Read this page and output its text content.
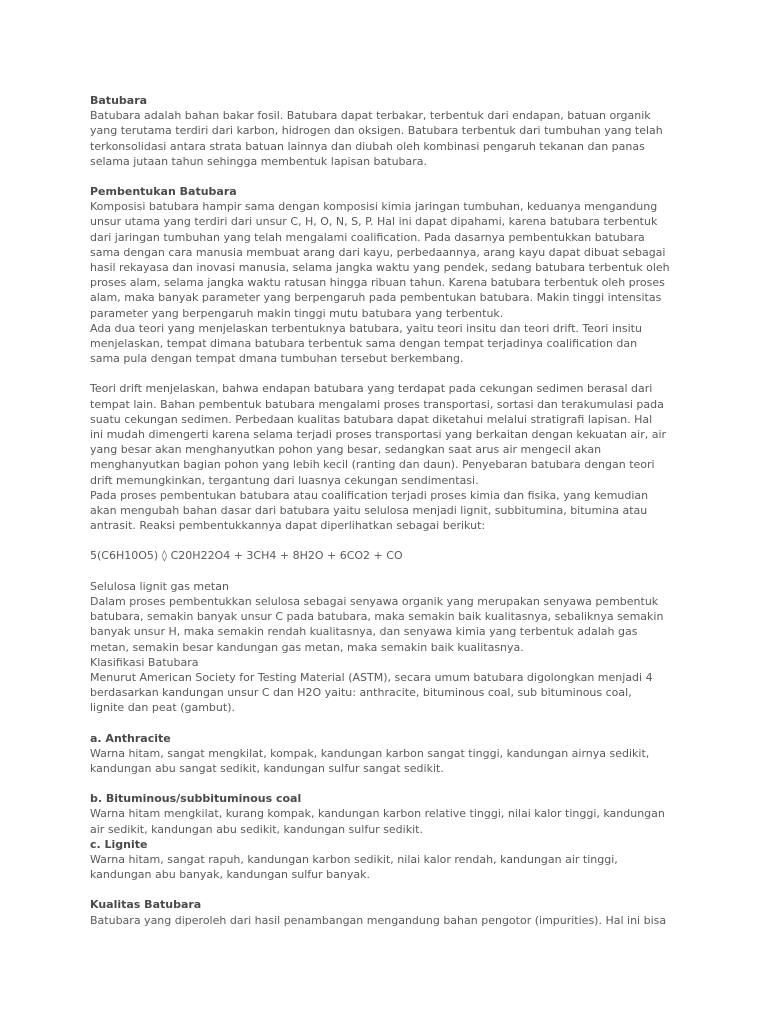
Batubara

Batubara adalah bahan bakar fosil. Batubara dapat terbakar, terbentuk dari endapan, batuan organik
yang terutama terdiri dari karbon, hidrogen dan oksigen. Batubara terbentuk dari tumbuhan yang telah
terkonsolidasi antara strata batuan lainnya dan diubah oleh kombinasi pengaruh tekanan dan panas
selama jutaan tahun sehingga membentuk lapisan batubara.

Pembentukan Batubara

Komposisi batubara hampir sama dengan komposisi kimia jaringan tumbuhan, keduanya mengandung
unsur utama yang terdiri dari unsur C, H, O, N, S, P. Hal ini dapat dipahami, karena batubara terbentuk
dari jaringan tumbuhan yang telah mengalami coalification. Pada dasarnya pembentukkan batubara
sama dengan cara manusia membuat arang dari kayu, perbedaannya, arang kayu dapat dibuat sebagai
hasil rekayasa dan inovasi manusia, selama jangka waktu yang pendek, sedang batubara terbentuk oleh
proses alam, selama jangka waktu ratusan hingga ribuan tahun. Karena batubara terbentuk oleh proses
alam, maka banyak parameter yang berpengaruh pada pembentukan batubara. Makin tinggi intensitas
parameter yang berpengaruh makin tinggi mutu batubara yang terbentuk.
Ada dua teori yang menjelaskan terbentuknya batubara, yaitu teori insitu dan teori drift. Teori insitu
menjelaskan, tempat dimana batubara terbentuk sama dengan tempat terjadinya coalification dan
sama pula dengan tempat dmana tumbuhan tersebut berkembang.

Teori drift menjelaskan, bahwa endapan batubara yang terdapat pada cekungan sedimen berasal dari
tempat lain. Bahan pembentuk batubara mengalami proses transportasi, sortasi dan terakumulasi pada
suatu cekungan sedimen. Perbedaan kualitas batubara dapat diketahui melalui stratigrafi lapisan. Hal
ini mudah dimengerti karena selama terjadi proses transportasi yang berkaitan dengan kekuatan air, air
yang besar akan menghanyutkan pohon yang besar, sedangkan saat arus air mengecil akan
menghanyutkan bagian pohon yang lebih kecil (ranting dan daun). Penyebaran batubara dengan teori
drift memungkinkan, tergantung dari luasnya cekungan sendimentasi.
Pada proses pembentukan batubara atau coalification terjadi proses kimia dan fisika, yang kemudian
akan mengubah bahan dasar dari batubara yaitu selulosa menjadi lignit, subbitumina, bitumina atau
antrasit. Reaksi pembentukkannya dapat diperlihatkan sebagai berikut:

5(C6H10O5) ◊ C20H22O4 + 3CH4 + 8H2O + 6CO2 + CO

Selulosa lignit gas metan
Dalam proses pembentukkan selulosa sebagai senyawa organik yang merupakan senyawa pembentuk
batubara, semakin banyak unsur C pada batubara, maka semakin baik kualitasnya, sebaliknya semakin
banyak unsur H, maka semakin rendah kualitasnya, dan senyawa kimia yang terbentuk adalah gas
metan, semakin besar kandungan gas metan, maka semakin baik kualitasnya.
Klasifikasi Batubara
Menurut American Society for Testing Material (ASTM), secara umum batubara digolongkan menjadi 4
berdasarkan kandungan unsur C dan H2O yaitu: anthracite, bituminous coal, sub bituminous coal,
lignite dan peat (gambut).

a. Anthracite

Warna hitam, sangat mengkilat, kompak, kandungan karbon sangat tinggi, kandungan airnya sedikit,
kandungan abu sangat sedikit, kandungan sulfur sangat sedikit.

b. Bituminous/subbituminous coal

Warna hitam mengkilat, kurang kompak, kandungan karbon relative tinggi, nilai kalor tinggi, kandungan
air sedikit, kandungan abu sedikit, kandungan sulfur sedikit.

c. Lignite

Warna hitam, sangat rapuh, kandungan karbon sedikit, nilai kalor rendah, kandungan air tinggi,
kandungan abu banyak, kandungan sulfur banyak.

Kualitas Batubara

Batubara yang diperoleh dari hasil penambangan mengandung bahan pengotor (impurities). Hal ini bisa
